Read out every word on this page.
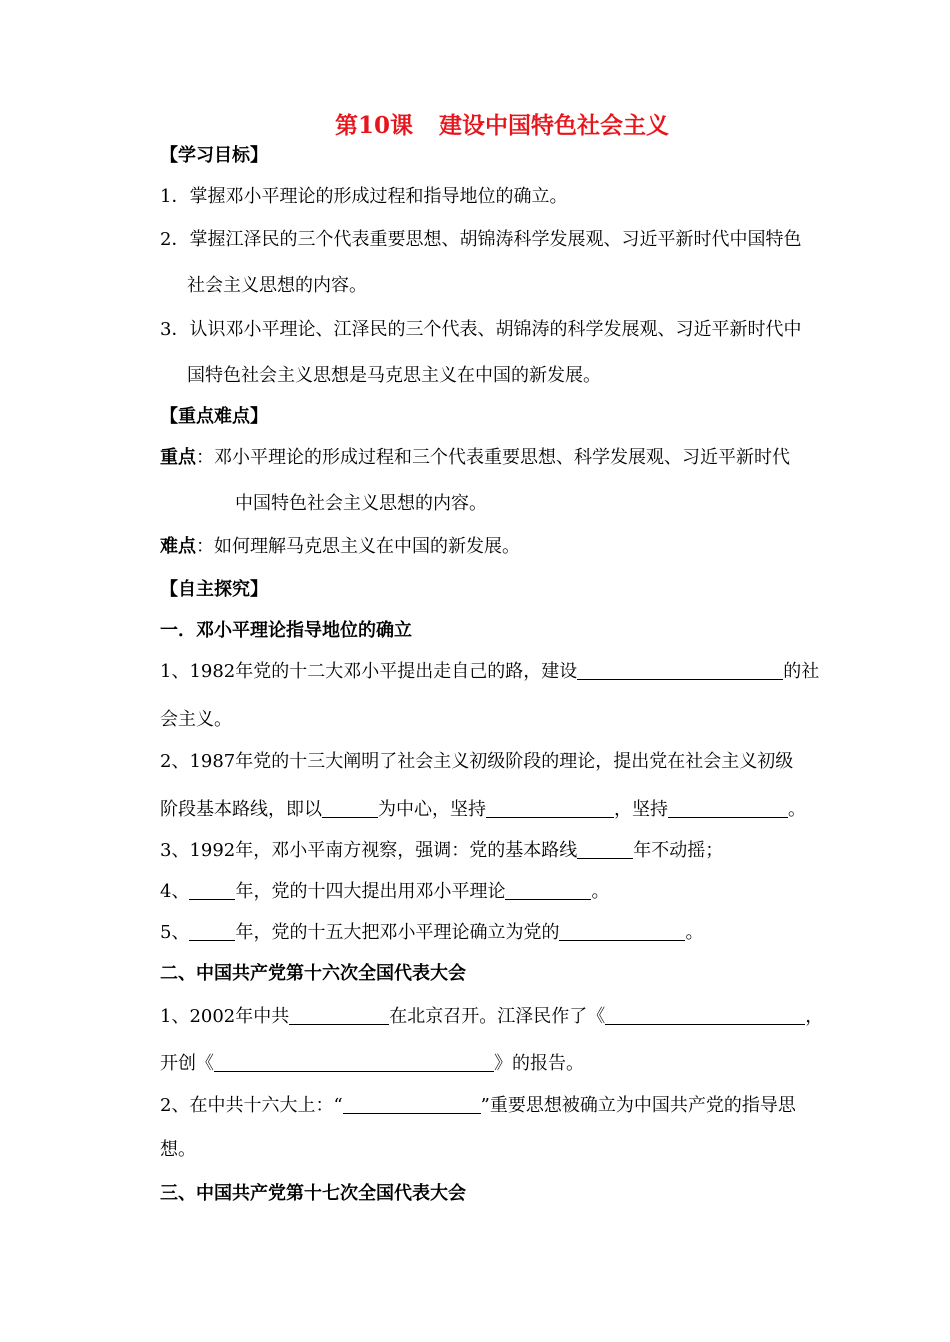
第10课 建设中国特色社会主义
【学习目标】
1．掌握邓小平理论的形成过程和指导地位的确立。
2．掌握江泽民的三个代表重要思想、胡锦涛科学发展观、习近平新时代中国特色
社会主义思想的内容。
3．认识邓小平理论、江泽民的三个代表、胡锦涛的科学发展观、习近平新时代中
国特色社会主义思想是马克思主义在中国的新发展。
【重点难点】
重点：邓小平理论的形成过程和三个代表重要思想、科学发展观、习近平新时代
中国特色社会主义思想的内容。
难点：如何理解马克思主义在中国的新发展。
【自主探究】
一．邓小平理论指导地位的确立
1、1982年党的十二大邓小平提出走自己的路，建设	的社
会主义。
2、1987年党的十三大阐明了社会主义初级阶段的理论，提出党在社会主义初级
阶段基本路线，即以	为中心，坚持	，坚持	。
3、1992年，邓小平南方视察，强调：党的基本路线	年不动摇；
4、	年，党的十四大提出用邓小平理论	。
5、	年，党的十五大把邓小平理论确立为党的	。
二、中国共产党第十六次全国代表大会
1、2002年中共	在北京召开。江泽民作了《	，
开创《	》的报告。
2、在中共十六大上：“	”重要思想被确立为中国共产党的指导思
想。
三、中国共产党第十七次全国代表大会
